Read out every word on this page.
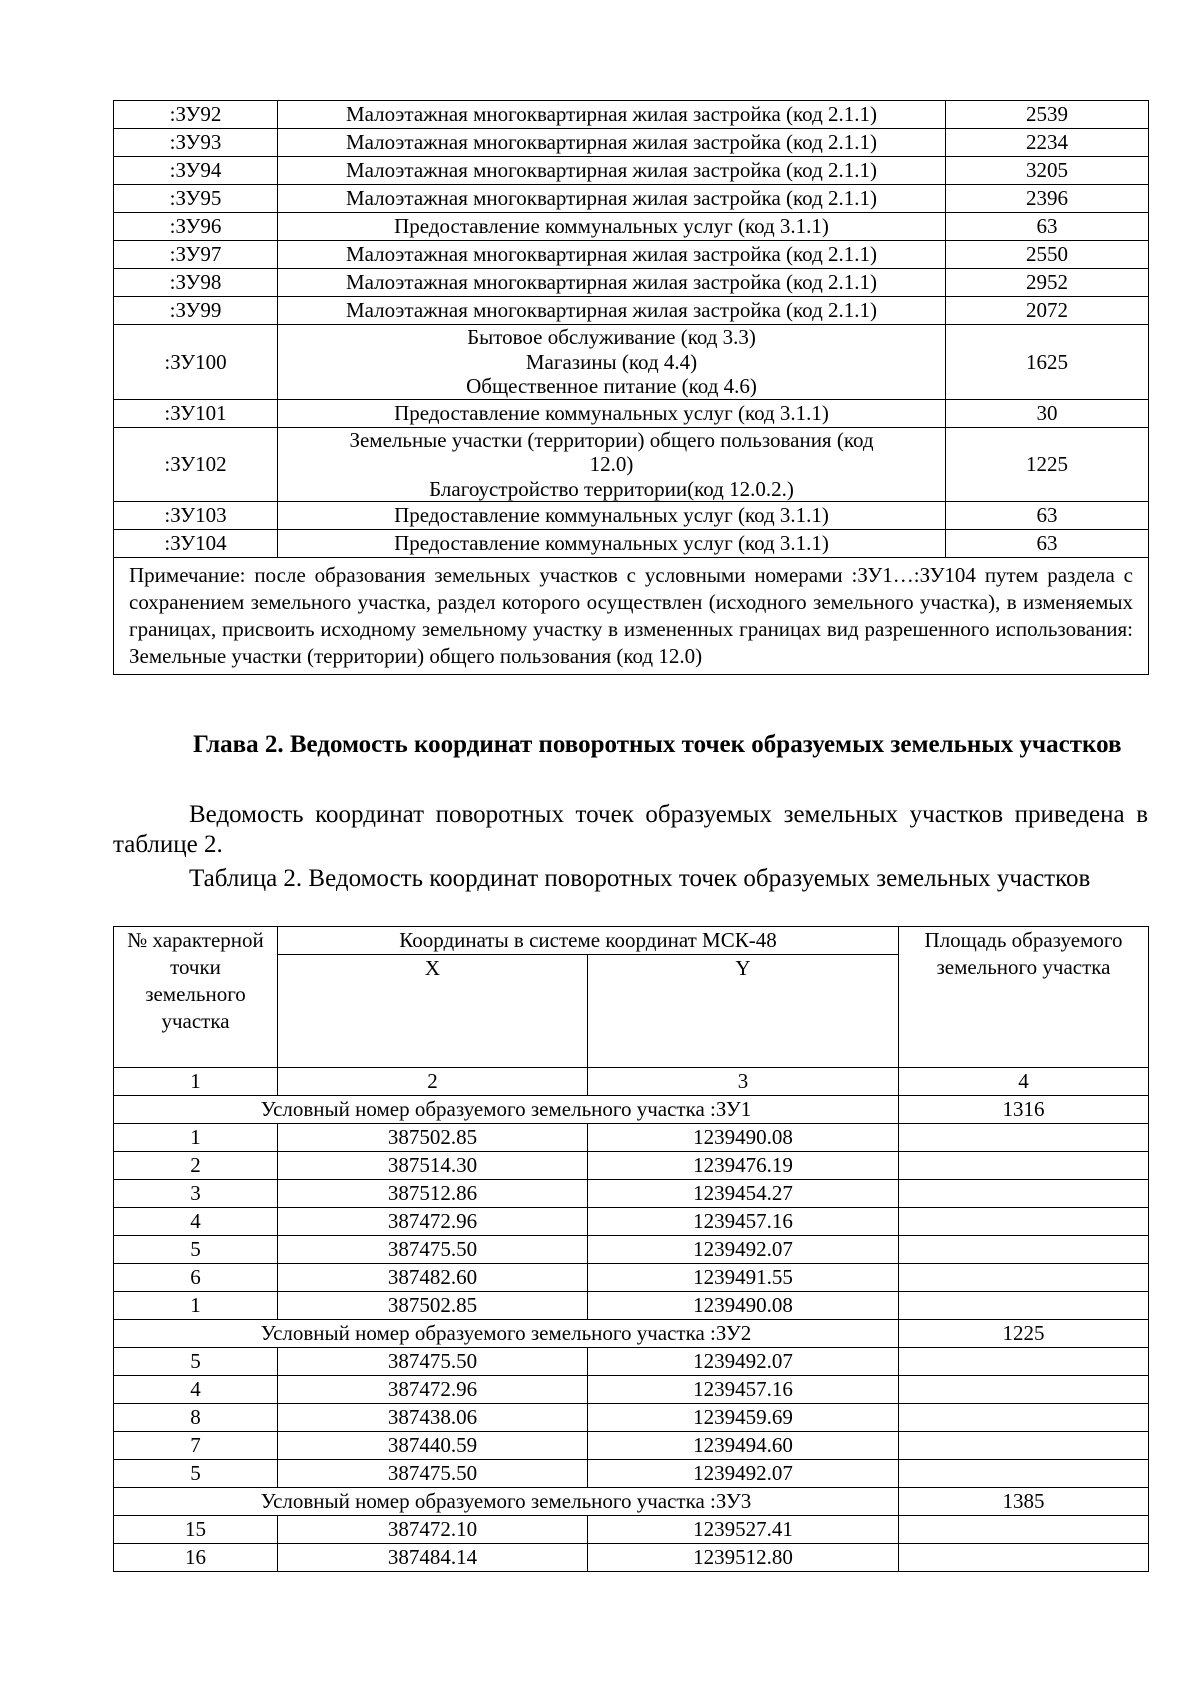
:ЗУ92	Малоэтажная многоквартирная жилая застройка (код 2.1.1)	2539
:ЗУ93	Малоэтажная многоквартирная жилая застройка (код 2.1.1)	2234
:ЗУ94	Малоэтажная многоквартирная жилая застройка (код 2.1.1)	3205
:ЗУ95	Малоэтажная многоквартирная жилая застройка (код 2.1.1)	2396
:ЗУ96	Предоставление коммунальных услуг (код 3.1.1)	63
:ЗУ97	Малоэтажная многоквартирная жилая застройка (код 2.1.1)	2550
:ЗУ98	Малоэтажная многоквартирная жилая застройка (код 2.1.1)	2952
:ЗУ99	Малоэтажная многоквартирная жилая застройка (код 2.1.1)	2072
:ЗУ100	Бытовое обслуживание (код 3.3)
Магазины (код 4.4)
Общественное питание (код 4.6)	1625
:ЗУ101	Предоставление коммунальных услуг (код 3.1.1)	30
:ЗУ102	Земельные участки (территории) общего пользования (код
12.0)
Благоустройство территории(код 12.0.2.)	1225
:ЗУ103	Предоставление коммунальных услуг (код 3.1.1)	63
:ЗУ104	Предоставление коммунальных услуг (код 3.1.1)	63
Примечание: после образования земельных участков с условными номерами :ЗУ1…:ЗУ104 путем раздела с сохранением земельного участка, раздел которого осуществлен (исходного земельного участка), в изменяемых границах, присвоить исходному земельному участку в измененных границах вид разрешенного использования: Земельные участки (территории) общего пользования (код 12.0)		
Глава 2. Ведомость координат поворотных точек образуемых земельных участков
Ведомость координат поворотных точек образуемых земельных участков приведена в таблице 2.
Таблица 2. Ведомость координат поворотных точек образуемых земельных участков
№ характерной точки земельного участка	Координаты в системе координат МСК-48		Площадь образуемого земельного участка
	X	Y	
1	2	3	4
Условный номер образуемого земельного участка :ЗУ1			1316
1	387502.85	1239490.08	
2	387514.30	1239476.19	
3	387512.86	1239454.27	
4	387472.96	1239457.16	
5	387475.50	1239492.07	
6	387482.60	1239491.55	
1	387502.85	1239490.08	
Условный номер образуемого земельного участка :ЗУ2			1225
5	387475.50	1239492.07	
4	387472.96	1239457.16	
8	387438.06	1239459.69	
7	387440.59	1239494.60	
5	387475.50	1239492.07	
Условный номер образуемого земельного участка :ЗУ3			1385
15	387472.10	1239527.41	
16	387484.14	1239512.80	
